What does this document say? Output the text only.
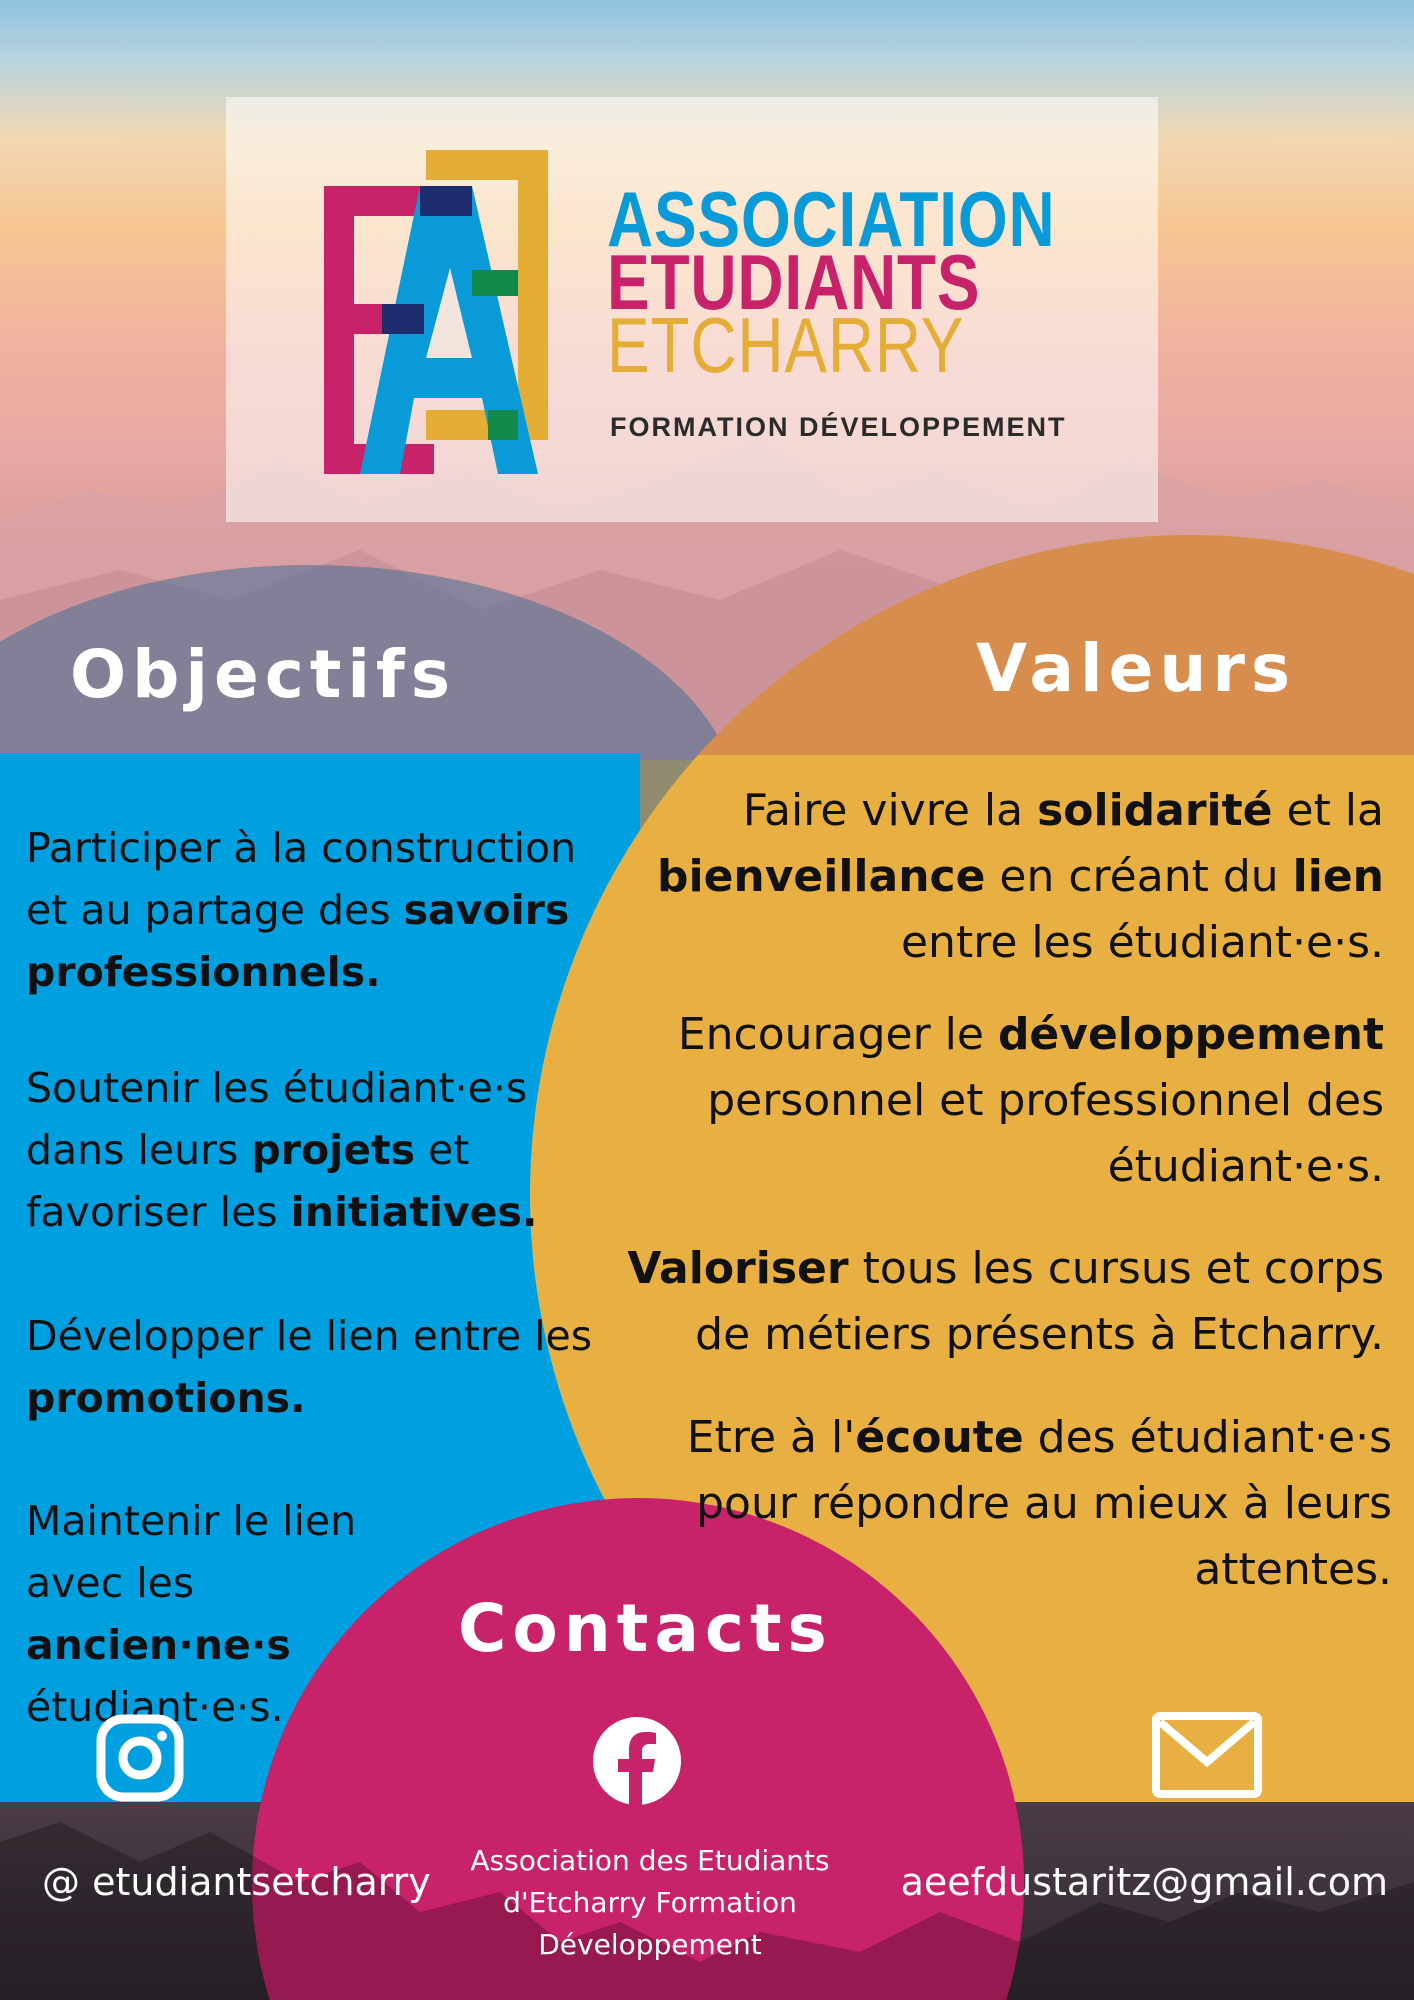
ASSOCIATION
ETUDIANTS
ETCHARRY
FORMATION DÉVELOPPEMENT
Objectifs	Valeurs
Participer à la construction et au partage des savoirs professionnels.
Soutenir les étudiant·e·s dans leurs projets et favoriser les initiatives.
Développer le lien entre les promotions.
Maintenir le lien avec les ancien·ne·s étudiant·e·s.
Faire vivre la solidarité et la bienveillance en créant du lien entre les étudiant·e·s.
Encourager le développement personnel et professionnel des étudiant·e·s.
Valoriser tous les cursus et corps de métiers présents à Etcharry.
Etre à l'écoute des étudiant·e·s pour répondre au mieux à leurs attentes.
Contacts
@ etudiantsetcharry	Association des Etudiants d'Etcharry Formation Développement
aeefdustaritz@gmail.com
